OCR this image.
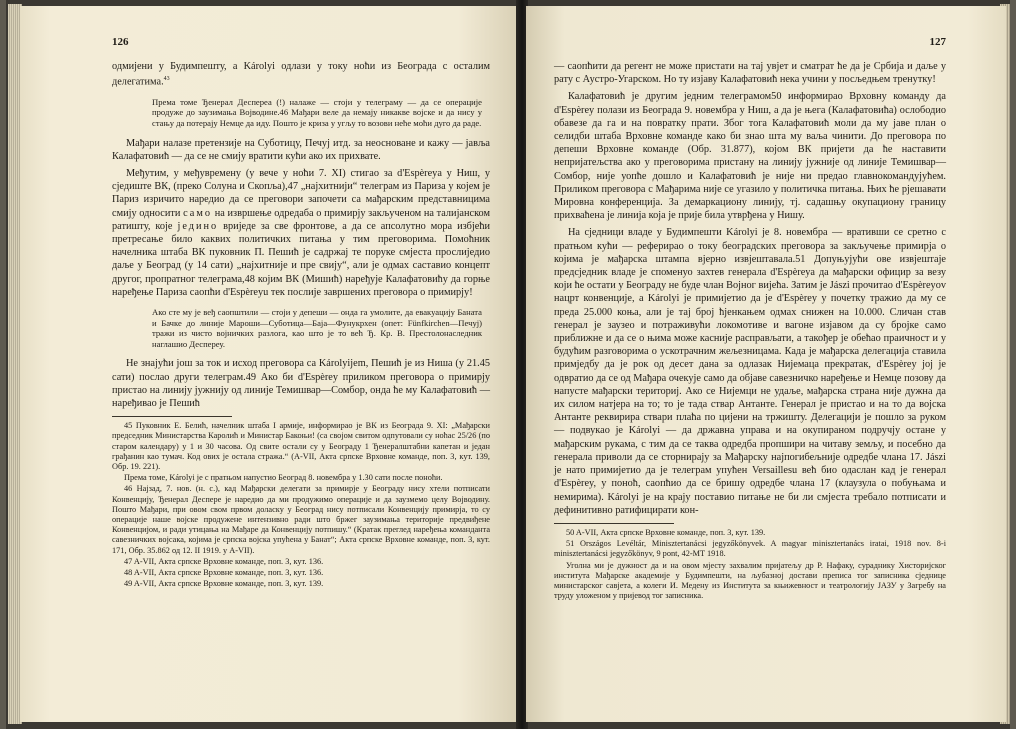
126

одмијени у Будимпешту, а Károlyi одлази у току ноћи из Београда с осталим делегатима.$^{43}$

Према томе Ђенерал Деспереа (!) налаже — стоји у телеграму — да се операције продуже до заузимања Војводине.46 Мађари веле да немају никакве војске и да нису у стању да потерају Немце да иду. Пошто је криза у угљу то возови неће моћи дуго да раде.

Мађари налазе претензије на Суботицу, Печуј итд. за неосноване и кажу — јавља Калафатовић — да се не смију вратити кући ако их прихвате.

Међутим, у међувремену (у вече у ноћи 7. XI) стигао за d'Espèreya у Ниш, у сједиште ВК, (преко Солуна и Скопља),47 „најхитнији“ телеграм из Париза у којем је Париз изричито наредио да се преговори започети са мађарским представницима смију односити само на извршење одредаба о примирју закљученом на талијанском ратишту, које једино вриједе за све фронтове, а да се апсолутно мора избјећи претресање било каквих политичких питања у тим преговорима. Помоћник начелника штаба ВК пуковник П. Пешић је садржај те поруке смјеста прослиједио даље у Београд (у 14 сати) „најхитније и пре свију“, али је одмах саставио концепт другог, пропратног телеграма,48 којим ВК (Мишић) наређује Калафатовићу да горње наређење Париза саопћи d'Espèreyu тек послије завршених преговора о примирју!

Ако сте му је веђ саопштили — стоји у депеши — онда га умолите, да евакуацију Баната и Бачке до линије Мароши—Суботица—Баја—Фунукрхен (опет: Fünfkirchen—Печуј) тражи из чисто војничких разлога, као што је то већ Ђ. Кр. В. Престолонаследник наглашио Деспереу.

Не знајући још за ток и исход преговора са Károlyijem, Пешић је из Ниша (у 21.45 сати) послао други телеграм.49 Ако би d'Espèrey приликом преговора о примирју пристао на линију јужнију од линије Темишвар—Сомбор, онда ће му Калафатовић — наређивао је Пешић

45 Пуковник Е. Белић, начелник штаба I армије, информирао је ВК из Београда 9. XI: „Мађарски председник Министарства Каролић и Министар Бакоњи! (са својом свитом одпутовали су ноћас 25/26 (по старом календару) у 1 и 30 часова. Од свите остали су у Београду 1 Ђенералштабни капетан и један грађанин као тумач. Код ових је остала стража.“ (A-VII, Акта српске Врховне команде, поп. 3, кут. 139, Обр. 19. 221).

Према томе, Károlyi је с пратњом напустио Београд 8. новембра у 1.30 сати после поноћи.

46 Најзад, 7. нов. (н. с.), кад Мађарски делегати за примирје у Београду нису хтели потписати Конвенцију, Ђенерал Деспере је наредио да ми продужимо операције и да заузмемо целу Војводину. Пошто Мађари, при овом свом првом доласку у Београд нису потписали Конвенцију примирја, то су операције наше војске продужене интензивно ради што бржег заузимања територије предвиђене Конвенцијом, и ради утицања на Мађаре да Конвенцију потпишу.“ (Кратак преглед наређења команданта савезничких војсака, којима је српска војска упућена у Банат“; Акта српске Врховне команде, поп. 3, кут. 171, Обр. 35.862 од 12. II 1919. у A-VII).

47 A-VII, Акта српске Врховне команде, поп. 3, кут. 136.

48 A-VII, Акта српске Врховне команде, поп. 3, кут. 136.

49 A-VII, Акта српске Врховне команде, поп. 3, кут. 139.

127

— саопћити да регент не може пристати на тај увјет и сматрат ће да је Србија и даље у рату с Аустро-Угарском. Но ту изјаву Калафатовић нека учини у посљедњем тренутку!

Калафатовић је другим једним телеграмом50 информирао Врховну команду да d'Espèrey полази из Београда 9. новембра у Ниш, а да је њега (Калафатовића) ослободио обавезе да га и на повратку прати. Због тога Калафатовић моли да му јаве план о селидби штаба Врховне команде како би знао шта му ваља чинити. До преговора по депеши Врховне команде (Обр. 31.877), којом ВК пријети да ће наставити непријатељства ако у преговорима пристану на линију јужније од линије Темишвар—Сомбор, није уопће дошло и Калафатовић је није ни предао главнокомандујућем. Приликом преговора с Мађарима није се угазило у политичка питања. Њих ће рјешавати Мировна конференција. За демаркациону линију, тј. садашњу окупациону границу прихваћена је линија која је прије била утврђена у Нишу.

На сједници владе у Будимпешти Károlyi је 8. новембра — вративши се сретно с пратњом кући — реферирао о току београдских преговора за закључење примирја о којима је мађарска штампа вјерно извјештавала.51 Допуњујући ове извјештаје предсједник владе је споменуо захтев генерала d'Espèreya да мађарски официр за везу који ће остати у Београду не буде члан Војног вијећа. Затим је Jászi прочитао d'Espèreyov нацрт конвенције, а Károlyi је примијетио да је d'Espèrey у почетку тражио да му се преда 25.000 коња, али је тај број ћјенкањем одмах снижен на 10.000. Сличан став генерал је заузео и потраживући локомотиве и вагоне изјавом да су бројке само приближне и да се о њима може касније расправљати, а такођер је обећао праичност и у будућим разговорима о ускотрачним жељезницама. Када је мађарска делегација ставила примједбу да је рок од десет дана за одлазак Нијемаца прекратак, d'Espèrey јој је одвратио да се од Мађара очекује само да објаве савезничко наређење и Немце позову да напусте мађарски териториј. Ако се Нијемци не удаље, мађарска страна није дужна да их силом натјера на то; то је тада ствар Антанте. Генерал је пристао и на то да војска Антанте реквирира ствари плаћа по цијени на тржишту. Делегацији је пошло за руком — подвукао је Károlyi — да државна управа и на окупираном подручју остане у мађарским рукама, с тим да се таква одредба пропшири на читаву земљу, и посебно да генерала приволи да се сторнирају за Мађарску најпогибељније одредбе члана 17. Jászi је нато примијетио да је телеграм упућен Versaillesu већ био одаслан кад је генерал d'Espèrey, у поноћ, саопћио да се бришу одредбе члана 17 (клаузула о побуњама и немирима). Károlyi је на крају поставио питање не би ли смјеста требало потписати и дефинитивно ратифицирати кон-

50 A-VII, Акта српске Врховне команде, поп. 3, кут. 139.

51 Országos Levéltár, Minisztertanácsi jegyzőkönyvek. A magyar minisztertanács iratai, 1918 nov. 8-i minisztertanácsi jegyzőkönyv, 9 pont, 42-MT 1918.

Уголна ми је дужност да и на овом мјесту захвалим пријатељу др Р. Нафаку, сураднику Хисторијског института Мађарске академије у Будимпешти, на љубазној достави преписа тог записника сједнице министарског савјета, а колеги И. Медену из Института за књижевност и театрологију ЈАЗУ у Загребу на труду уложеном у пријевод тог записника.
